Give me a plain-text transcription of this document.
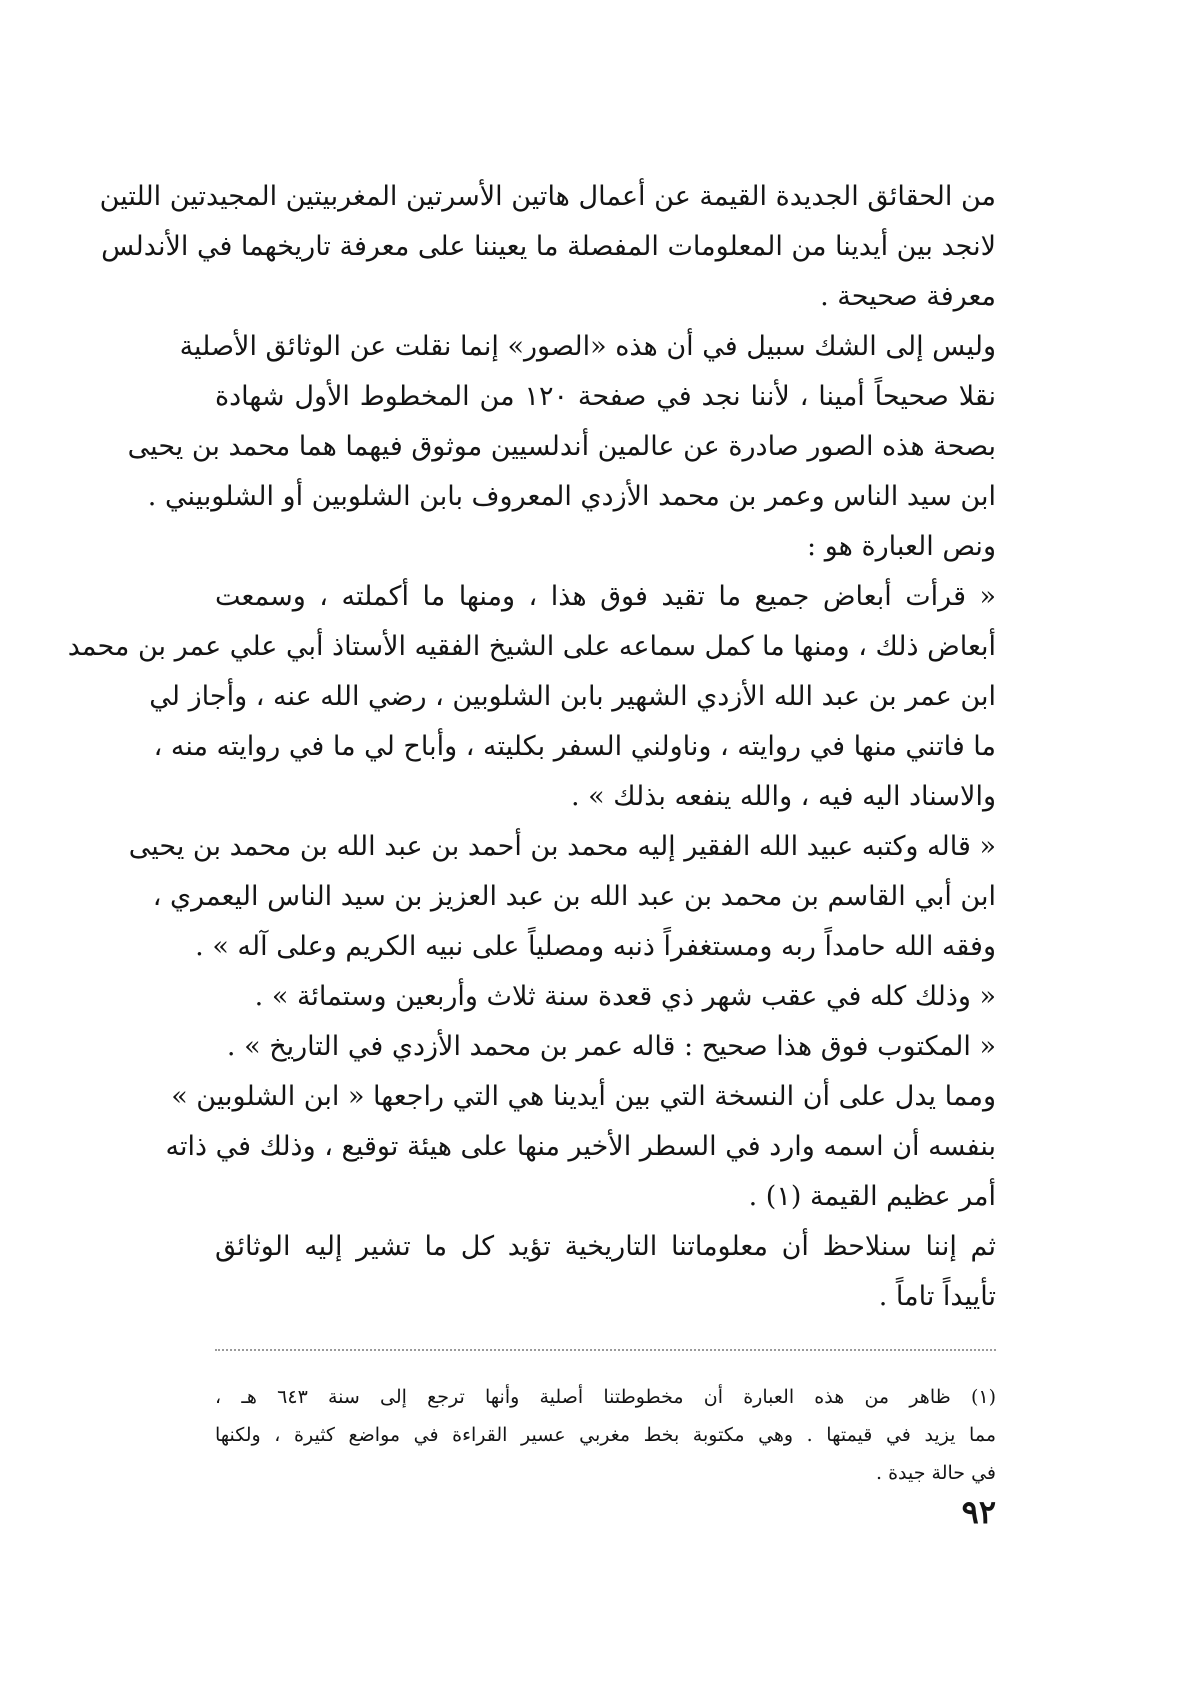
من الحقائق الجديدة القيمة عن أعمال هاتين الأسرتين المغربيتين المجيدتين اللتين
لانجد بين أيدينا من المعلومات المفصلة ما يعيننا على معرفة تاريخهما في الأندلس
معرفة صحيحة .
وليس إلى الشك سبيل في أن هذه «الصور» إنما نقلت عن الوثائق الأصلية
نقلا صحيحاً أمينا ، لأننا نجد في صفحة ١٢٠ من المخطوط الأول شهادة
بصحة هذه الصور صادرة عن عالمين أندلسيين موثوق فيهما هما محمد بن يحيى
ابن سيد الناس وعمر بن محمد الأزدي المعروف بابن الشلوبين أو الشلوبيني .
ونص العبارة هو :
« قرأت أبعاض جميع ما تقيد فوق هذا ، ومنها ما أكملته ، وسمعت
أبعاض ذلك ، ومنها ما كمل سماعه على الشيخ الفقيه الأستاذ أبي علي عمر بن محمد
ابن عمر بن عبد الله الأزدي الشهير بابن الشلوبين ، رضي الله عنه ، وأجاز لي
ما فاتني منها في روايته ، وناولني السفر بكليته ، وأباح لي ما في روايته منه ،
والاسناد اليه فيه ، والله ينفعه بذلك » .
« قاله وكتبه عبيد الله الفقير إليه محمد بن أحمد بن عبد الله بن محمد بن يحيى
ابن أبي القاسم بن محمد بن عبد الله بن عبد العزيز بن سيد الناس اليعمري ،
وفقه الله حامداً ربه ومستغفراً ذنبه ومصلياً على نبيه الكريم وعلى آله » .
« وذلك كله في عقب شهر ذي قعدة سنة ثلاث وأربعين وستمائة » .
« المكتوب فوق هذا صحيح : قاله عمر بن محمد الأزدي في التاريخ » .
ومما يدل على أن النسخة التي بين أيدينا هي التي راجعها « ابن الشلوبين »
بنفسه أن اسمه وارد في السطر الأخير منها على هيئة توقيع ، وذلك في ذاته
أمر عظيم القيمة (١) .
ثم إننا سنلاحظ أن معلوماتنا التاريخية تؤيد كل ما تشير إليه الوثائق
تأييداً تاماً .
(١) ظاهر من هذه العبارة أن مخطوطتنا أصلية وأنها ترجع إلى سنة ٦٤٣ هـ ،
مما يزيد في قيمتها . وهي مكتوبة بخط مغربي عسير القراءة في مواضع كثيرة ، ولكنها
في حالة جيدة .
٩٢
